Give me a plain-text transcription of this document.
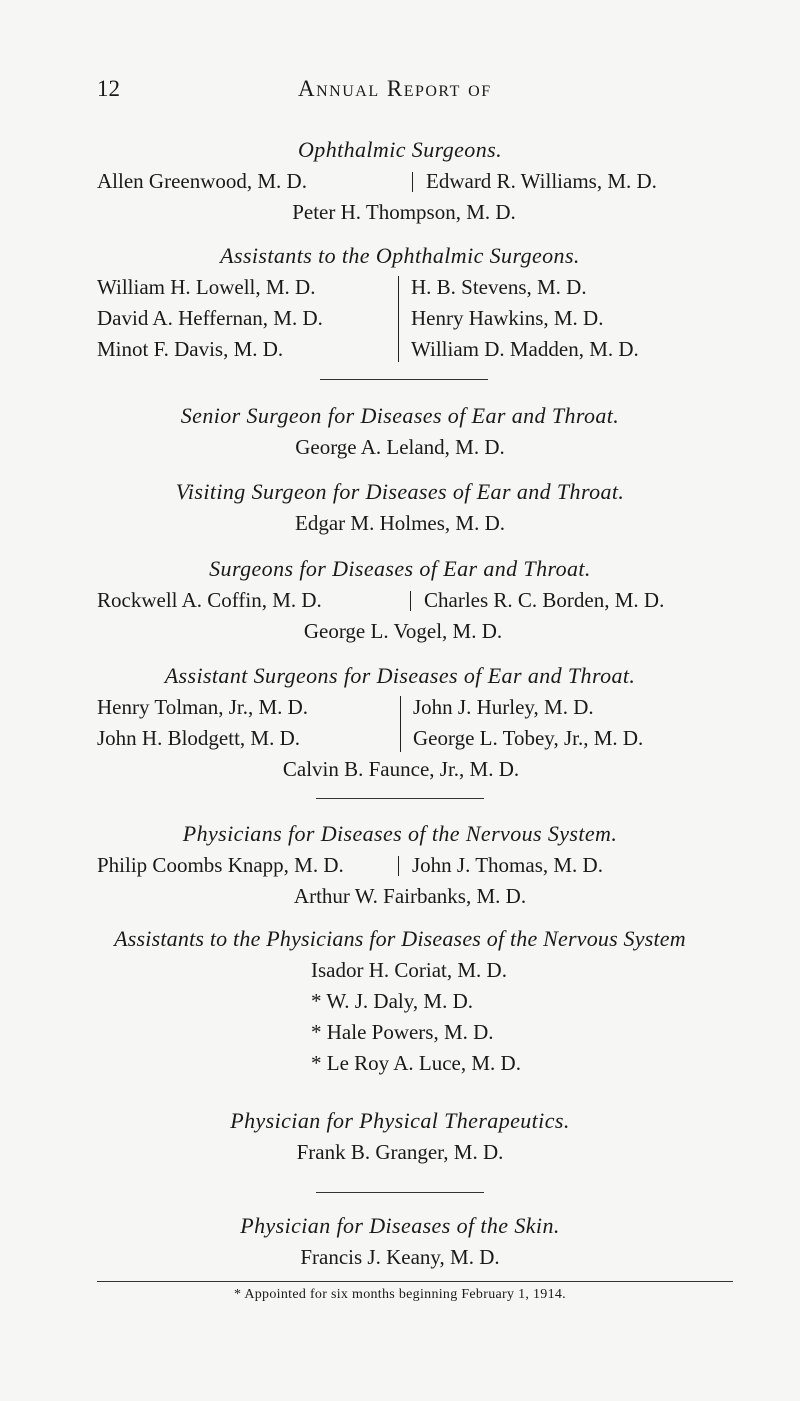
12	Annual Report of
Ophthalmic Surgeons.
Allen Greenwood, M. D.	Edward R. Williams, M. D.
Peter H. Thompson, M. D.
Assistants to the Ophthalmic Surgeons.
William H. Lowell, M. D.	H. B. Stevens, M. D.
David A. Heffernan, M. D.	Henry Hawkins, M. D.
Minot F. Davis, M. D.	William D. Madden, M. D.
Senior Surgeon for Diseases of Ear and Throat.
George A. Leland, M. D.
Visiting Surgeon for Diseases of Ear and Throat.
Edgar M. Holmes, M. D.
Surgeons for Diseases of Ear and Throat.
Rockwell A. Coffin, M. D.	Charles R. C. Borden, M. D.
George L. Vogel, M. D.
Assistant Surgeons for Diseases of Ear and Throat.
Henry Tolman, Jr., M. D.	John J. Hurley, M. D.
John H. Blodgett, M. D.	George L. Tobey, Jr., M. D.
Calvin B. Faunce, Jr., M. D.
Physicians for Diseases of the Nervous System.
Philip Coombs Knapp, M. D.	John J. Thomas, M. D.
Arthur W. Fairbanks, M. D.
Assistants to the Physicians for Diseases of the Nervous System
Isador H. Coriat, M. D.
* W. J. Daly, M. D.
* Hale Powers, M. D.
* Le Roy A. Luce, M. D.
Physician for Physical Therapeutics.
Frank B. Granger, M. D.
Physician for Diseases of the Skin.
Francis J. Keany, M. D.
* Appointed for six months beginning February 1, 1914.
